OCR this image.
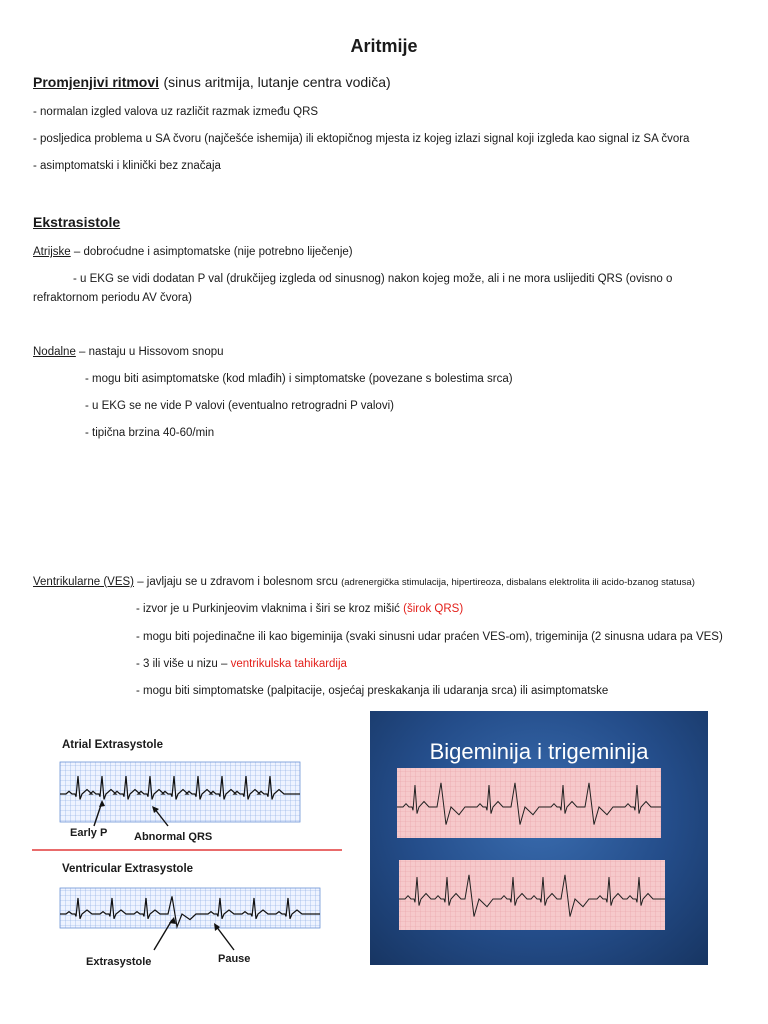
Aritmije
Promjenjivi ritmovi (sinus aritmija, lutanje centra vodiča)
- normalan izgled valova uz različit razmak između QRS
- posljedica problema u SA čvoru (najčešće ishemija) ili ektopičnog mjesta iz kojeg izlazi signal koji izgleda kao signal iz SA čvora
- asimptomatski i klinički bez značaja
Ekstrasistole
Atrijske – dobroćudne i asimptomatske (nije potrebno liječenje)
- u EKG se vidi dodatan P val (drukčijeg izgleda od sinusnog) nakon kojeg može, ali i ne mora uslijediti QRS (ovisno o
refraktornom periodu AV čvora)
Nodalne – nastaju u Hissovom snopu
- mogu biti asimptomatske (kod mlađih) i simptomatske (povezane s bolestima srca)
- u EKG se ne vide P valovi (eventualno retrogradni P valovi)
- tipična brzina 40-60/min
Ventrikularne (VES) – javljaju se u zdravom i bolesnom srcu (adrenergička stimulacija, hipertireoza, disbalans elektrolita ili acido-bzanog statusa)
- izvor je u Purkinjeovim vlaknima i širi se kroz mišić (širok QRS)
- mogu biti pojedinačne ili kao bigeminija (svaki sinusni udar praćen VES-om), trigeminija (2 sinusna udara pa VES)
- 3 ili više u nizu – ventrikulska tahikardija
- mogu biti simptomatske (palpitacije, osjećaj preskakanja ili udaranja srca) ili asimptomatske
Atrial Extrasystole
Early P Abnormal QRS
Ventricular Extrasystole
Extrasystole	Pause
Bigeminija i trigeminija
